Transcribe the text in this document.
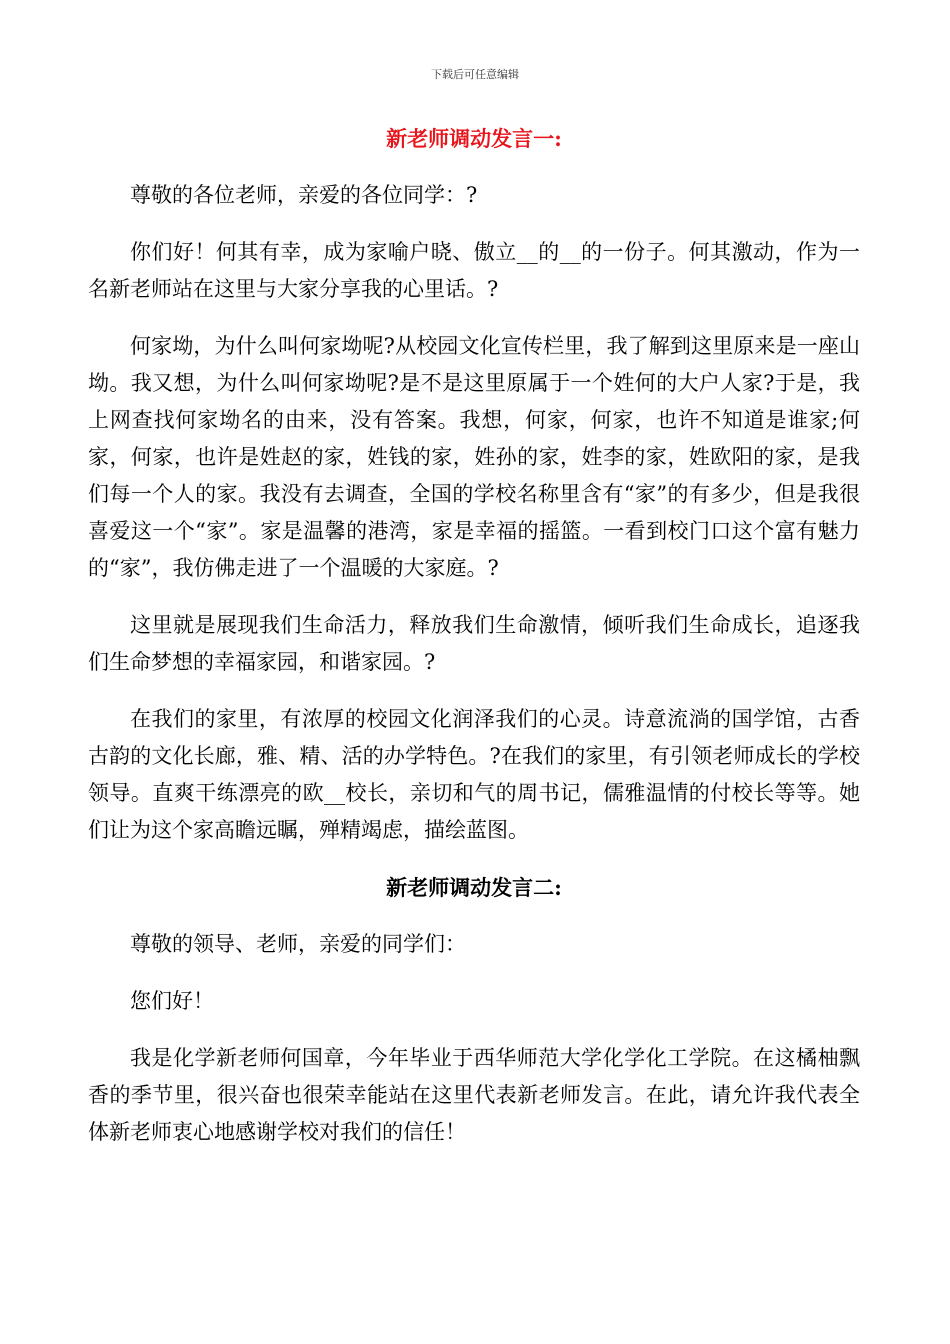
下载后可任意编辑
新老师调动发言一:

尊敬的各位老师，亲爱的各位同学：?

你们好！何其有幸，成为家喻户晓、傲立__的__的一份子。何其激动，作为一名新老师站在这里与大家分享我的心里话。?

何家坳，为什么叫何家坳呢?从校园文化宣传栏里，我了解到这里原来是一座山坳。我又想，为什么叫何家坳呢?是不是这里原属于一个姓何的大户人家?于是，我上网查找何家坳名的由来，没有答案。我想，何家，何家，也许不知道是谁家;何家，何家，也许是姓赵的家，姓钱的家，姓孙的家，姓李的家，姓欧阳的家，是我们每一个人的家。我没有去调查，全国的学校名称里含有“家”的有多少，但是我很喜爱这一个“家”。家是温馨的港湾，家是幸福的摇篮。一看到校门口这个富有魅力的“家”，我仿佛走进了一个温暖的大家庭。?

这里就是展现我们生命活力，释放我们生命激情，倾听我们生命成长，追逐我们生命梦想的幸福家园，和谐家园。?

在我们的家里，有浓厚的校园文化润泽我们的心灵。诗意流淌的国学馆，古香古韵的文化长廊，雅、精、活的办学特色。?在我们的家里，有引领老师成长的学校领导。直爽干练漂亮的欧__校长，亲切和气的周书记，儒雅温情的付校长等等。她们让为这个家高瞻远瞩，殚精竭虑，描绘蓝图。

新老师调动发言二:

尊敬的领导、老师，亲爱的同学们：

您们好！

我是化学新老师何国章，今年毕业于西华师范大学化学化工学院。在这橘柚飘香的季节里，很兴奋也很荣幸能站在这里代表新老师发言。在此，请允许我代表全体新老师衷心地感谢学校对我们的信任！
